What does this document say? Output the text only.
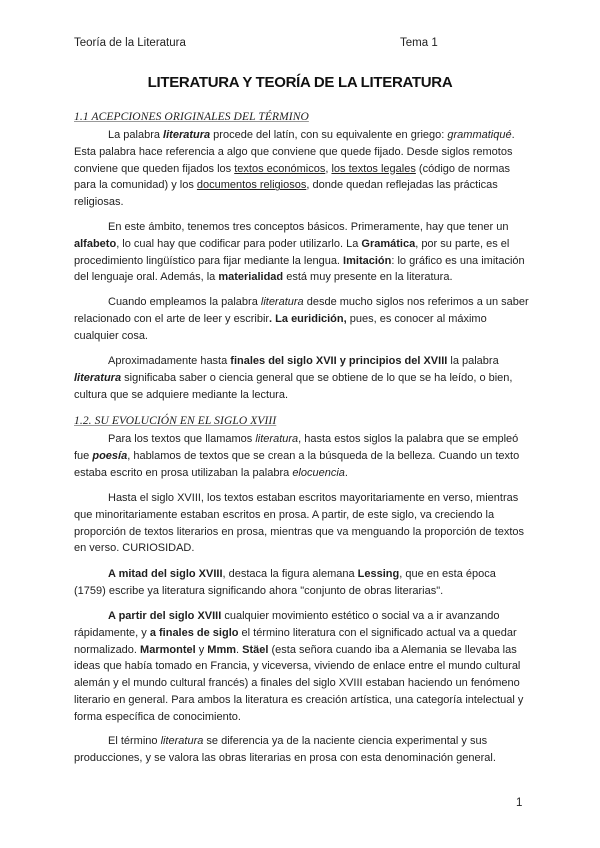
Teoría de la Literatura	Tema 1
LITERATURA Y TEORÍA DE LA LITERATURA
1.1 ACEPCIONES ORIGINALES DEL TÉRMINO

La palabra literatura procede del latín, con su equivalente en griego: grammatiqué. Esta palabra hace referencia a algo que conviene que quede fijado. Desde siglos remotos conviene que queden fijados los textos económicos, los textos legales (código de normas para la comunidad) y los documentos religiosos, donde quedan reflejadas las prácticas religiosas.

En este ámbito, tenemos tres conceptos básicos. Primeramente, hay que tener un alfabeto, lo cual hay que codificar para poder utilizarlo. La Gramática, por su parte, es el procedimiento lingüístico para fijar mediante la lengua. Imitación: lo gráfico es una imitación del lenguaje oral. Además, la materialidad está muy presente en la literatura.

Cuando empleamos la palabra literatura desde mucho siglos nos referimos a un saber relacionado con el arte de leer y escribir. La euridición, pues, es conocer al máximo cualquier cosa.

Aproximadamente hasta finales del siglo XVII y principios del XVIII la palabra literatura significaba saber o ciencia general que se obtiene de lo que se ha leído, o bien, cultura que se adquiere mediante la lectura.

1.2. SU EVOLUCIÓN EN EL SIGLO XVIII

Para los textos que llamamos literatura, hasta estos siglos la palabra que se empleó fue poesía, hablamos de textos que se crean a la búsqueda de la belleza. Cuando un texto estaba escrito en prosa utilizaban la palabra elocuencia.

Hasta el siglo XVIII, los textos estaban escritos mayoritariamente en verso, mientras que minoritariamente estaban escritos en prosa. A partir, de este siglo, va creciendo la proporción de textos literarios en prosa, mientras que va menguando la proporción de textos en verso. CURIOSIDAD.

A mitad del siglo XVIII, destaca la figura alemana Lessing, que en esta época (1759) escribe ya literatura significando ahora "conjunto de obras literarias".

A partir del siglo XVIII cualquier movimiento estético o social va a ir avanzando rápidamente, y a finales de siglo el término literatura con el significado actual va a quedar normalizado. Marmontel y Mmm. Stäel (esta señora cuando iba a Alemania se llevaba las ideas que había tomado en Francia, y viceversa, viviendo de enlace entre el mundo cultural alemán y el mundo cultural francés) a finales del siglo XVIII estaban haciendo un fenómeno literario en general. Para ambos la literatura es creación artística, una categoría intelectual y forma específica de conocimiento.

El término literatura se diferencia ya de la naciente ciencia experimental y sus producciones, y se valora las obras literarias en prosa con esta denominación general.

1
